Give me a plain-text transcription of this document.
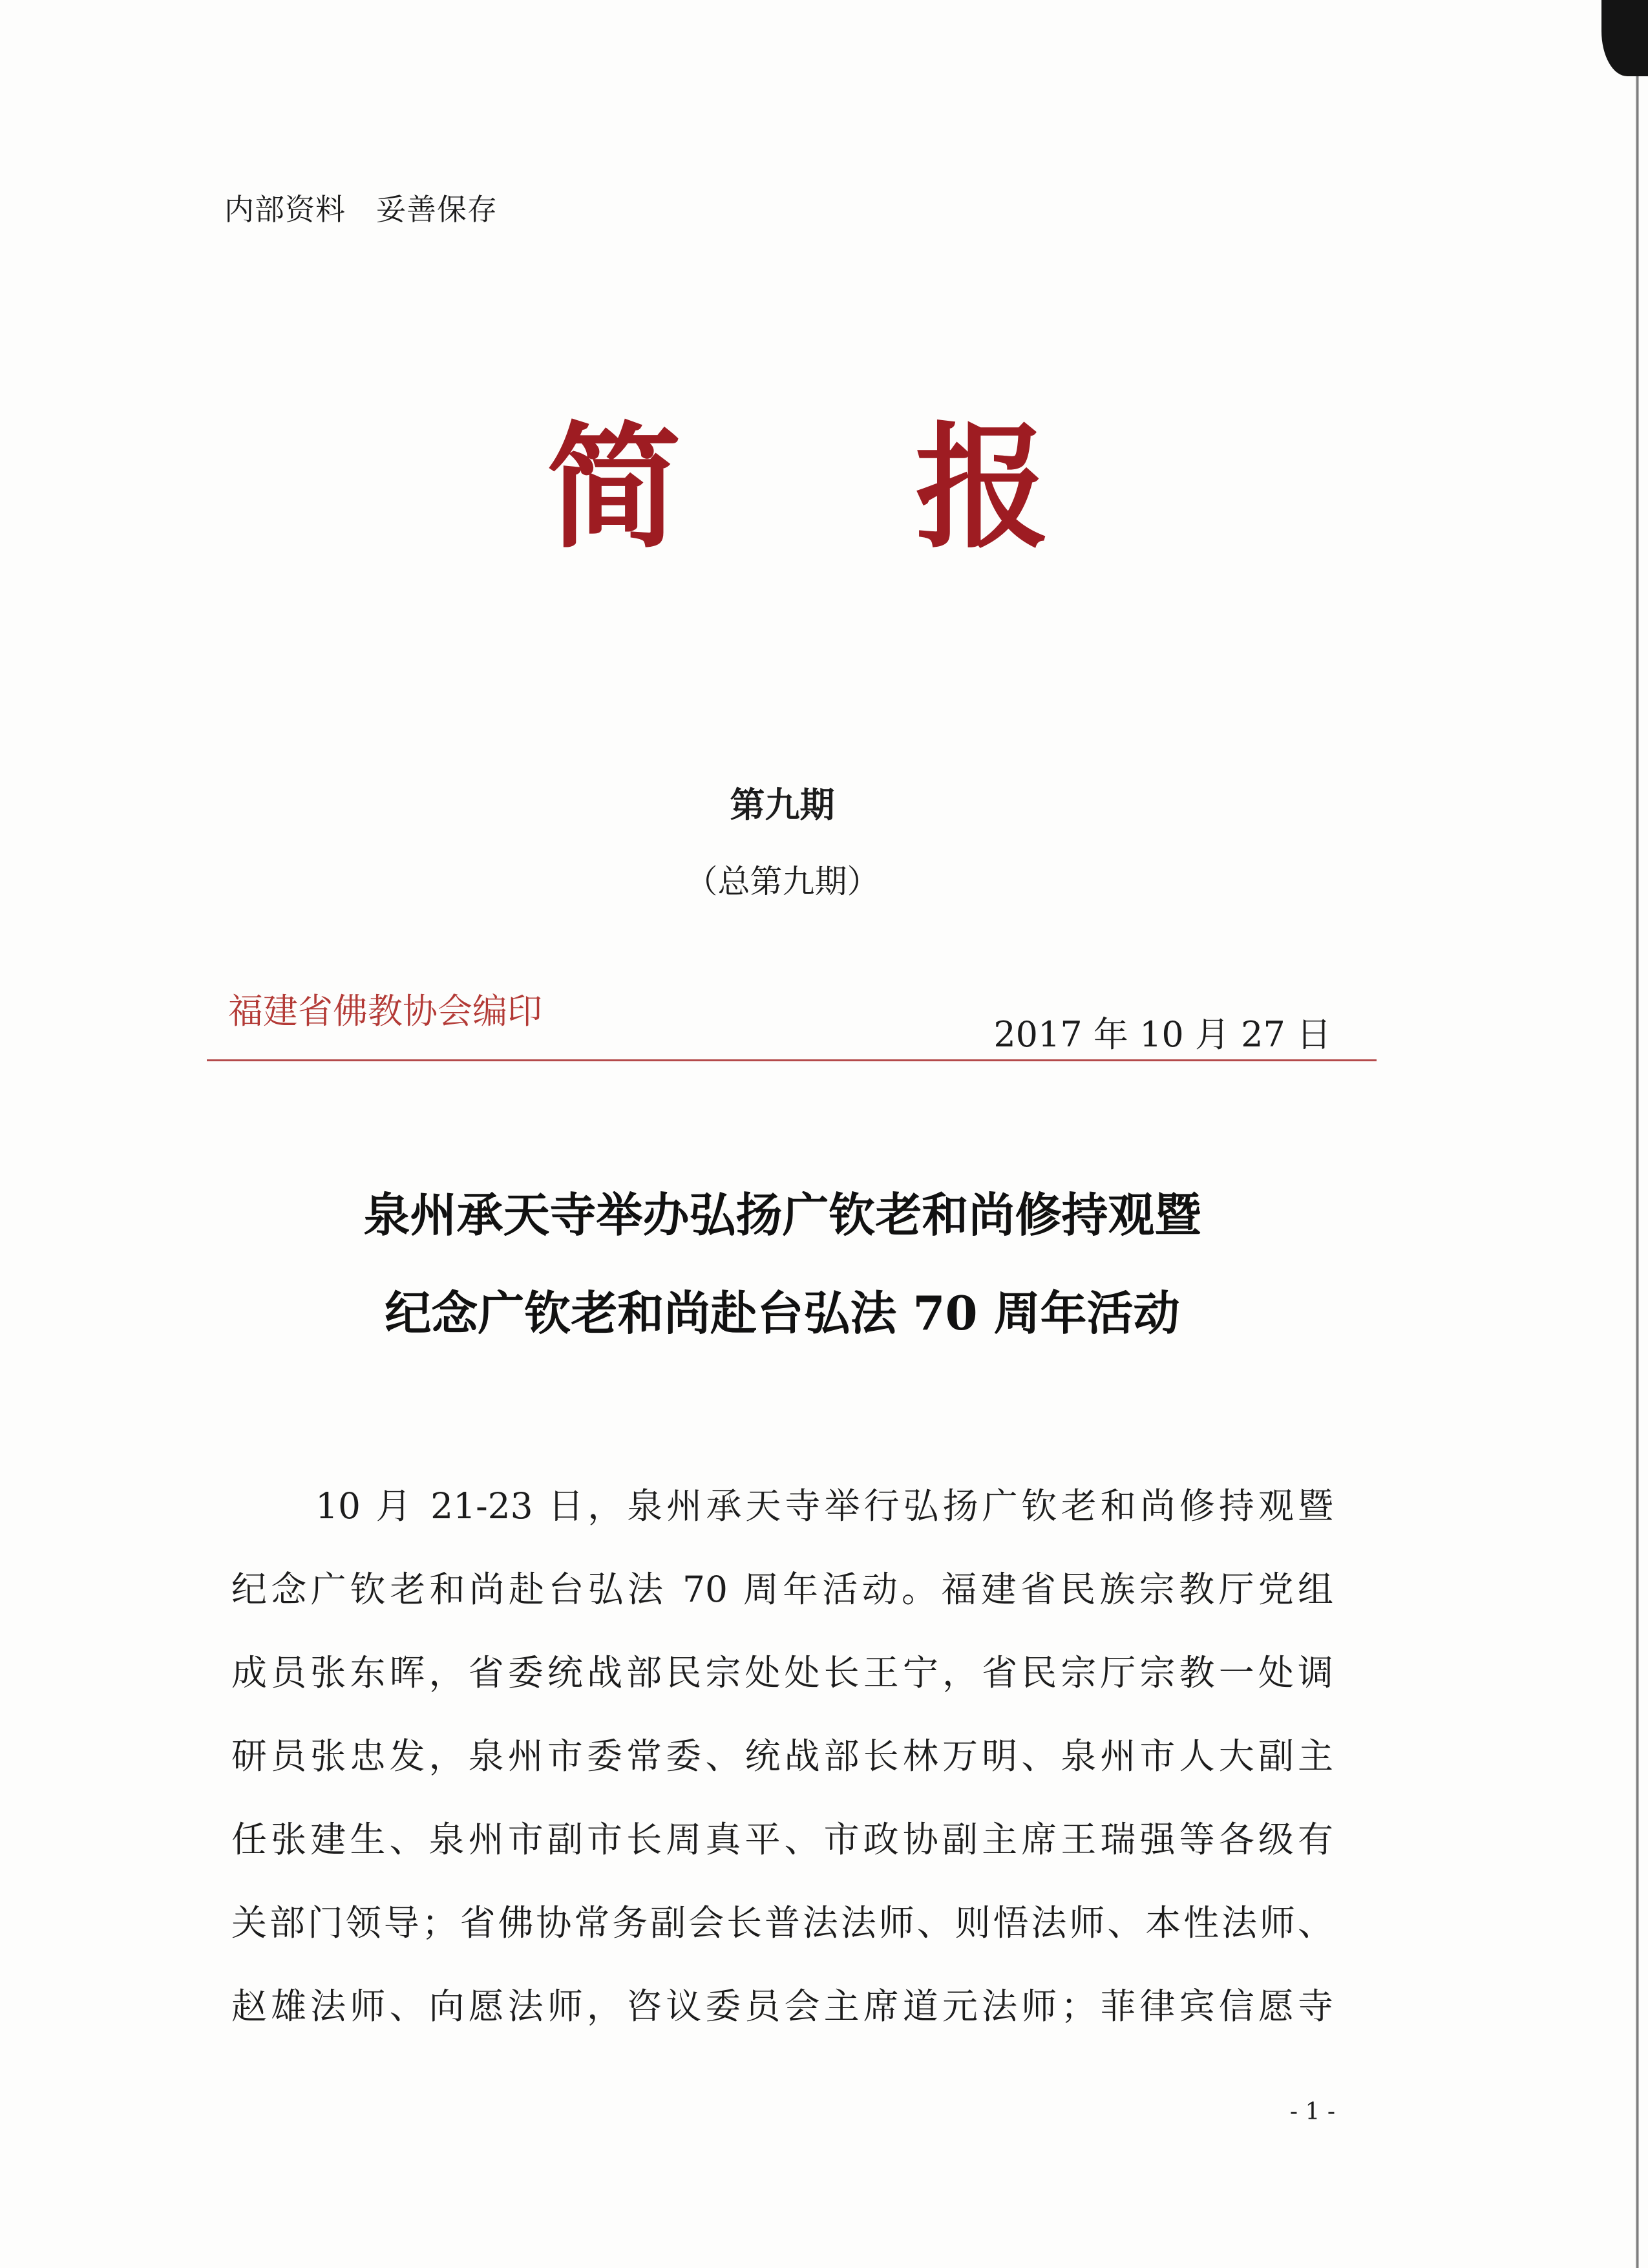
内部资料　妥善保存
简 报
第九期
（总第九期）
福建省佛教协会编印
2017 年 10 月 27 日
泉州承天寺举办弘扬广钦老和尚修持观暨
纪念广钦老和尚赴台弘法 70 周年活动
10 月 21-23 日，泉州承天寺举行弘扬广钦老和尚修持观暨
纪念广钦老和尚赴台弘法 70 周年活动。福建省民族宗教厅党组
成员张东晖，省委统战部民宗处处长王宁，省民宗厅宗教一处调
研员张忠发，泉州市委常委、统战部长林万明、泉州市人大副主
任张建生、泉州市副市长周真平、市政协副主席王瑞强等各级有
关部门领导；省佛协常务副会长普法法师、则悟法师、本性法师、
赵雄法师、向愿法师，咨议委员会主席道元法师；菲律宾信愿寺
- 1 -
